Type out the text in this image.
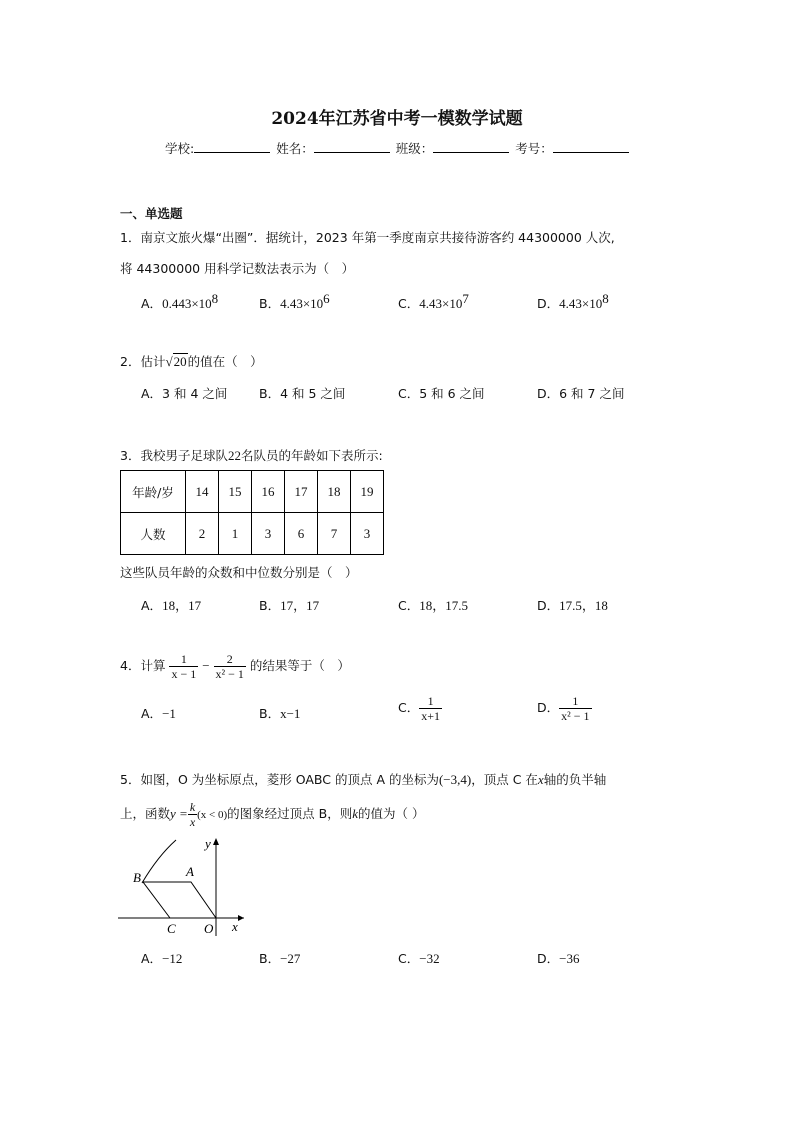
2024年江苏省中考一模数学试题
学校:	姓名：	班级：	考号：
一、单选题
1．南京文旅火爆“出圈”．据统计，2023 年第一季度南京共接待游客约 44300000 人次,
将 44300000 用科学记数法表示为（　）
A．$0.443\times 10^8$	B．$4.43\times 10^6$	C．$4.43\times 10^7$	D．$4.43\times 10^8$
2．估计√20的值在（　）
A．3 和 4 之间	B．4 和 5 之间	C．5 和 6 之间	D．6 和 7 之间
3．我校男子足球队22名队员的年龄如下表所示:
年龄/岁	14	15	16	17	18	19
人数	2	1	3	6	7	3
这些队员年龄的众数和中位数分别是（　）
A．18，17	B．17，17	C．18，17.5	D．17.5，18
4．计算 $\frac{1}{x - 1} - \frac{2}{\text{x² − 1}}$ 的结果等于（　）
A．−1	B．x−1	C． $\frac{1}{x+1}$	D． $\frac{1}{\text{x² − 1}}$
5．如图，O 为坐标原点，菱形 OABC 的顶点 A 的坐标为(−3,4)，顶点 C 在x轴的负半轴
上，函数$y = \frac{k}{x} (x < 0)$的图象经过顶点 B，则k的值为（ ）
B	A
C O x
y
A．−12	B．−27	C．−32	D．−36
